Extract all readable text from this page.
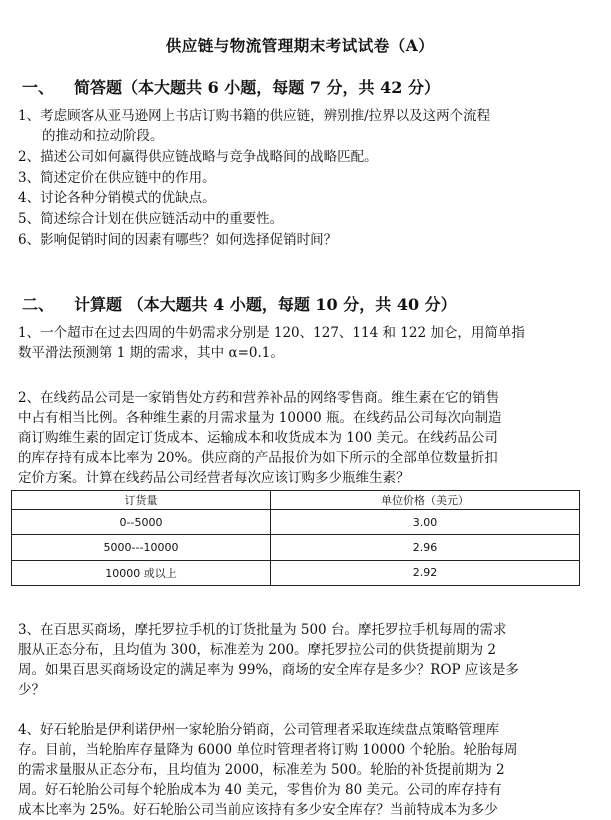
供应链与物流管理期末考试试卷（A）
一、 简答题（本大题共 6 小题，每题 7 分，共 42 分）
1、考虑顾客从亚马逊网上书店订购书籍的供应链，辨别推/拉界以及这两个流程
的推动和拉动阶段。
2、描述公司如何赢得供应链战略与竞争战略间的战略匹配。
3、简述定价在供应链中的作用。
4、讨论各种分销模式的优缺点。
5、简述综合计划在供应链活动中的重要性。
6、影响促销时间的因素有哪些？如何选择促销时间？
二、 计算题 （本大题共 4 小题，每题 10 分，共 40 分）
1、一个超市在过去四周的牛奶需求分别是 120、127、114 和 122 加仑，用简单指
数平滑法预测第 1 期的需求，其中 α=0.1。
2、在线药品公司是一家销售处方药和营养补品的网络零售商。维生素在它的销售
中占有相当比例。各种维生素的月需求量为 10000 瓶。在线药品公司每次向制造
商订购维生素的固定订货成本、运输成本和收货成本为 100 美元。在线药品公司
的库存持有成本比率为 20%。供应商的产品报价为如下所示的全部单位数量折扣
定价方案。计算在线药品公司经营者每次应该订购多少瓶维生素？
订货量	单位价格（美元）
0--5000	3.00
5000---10000	2.96
10000 或以上	2.92
3、在百思买商场，摩托罗拉手机的订货批量为 500 台。摩托罗拉手机每周的需求
服从正态分布，且均值为 300，标准差为 200。摩托罗拉公司的供货提前期为 2
周。如果百思买商场设定的满足率为 99%，商场的安全库存是多少？ROP 应该是多
少？
4、好石轮胎是伊利诺伊州一家轮胎分销商，公司管理者采取连续盘点策略管理库
存。目前，当轮胎库存量降为 6000 单位时管理者将订购 10000 个轮胎。轮胎每周
的需求量服从正态分布，且均值为 2000，标准差为 500。轮胎的补货提前期为 2
周。好石轮胎公司每个轮胎成本为 40 美元，零售价为 80 美元。公司的库存持有
成本比率为 25%。好石轮胎公司当前应该持有多少安全库存？当前特成本为多少
